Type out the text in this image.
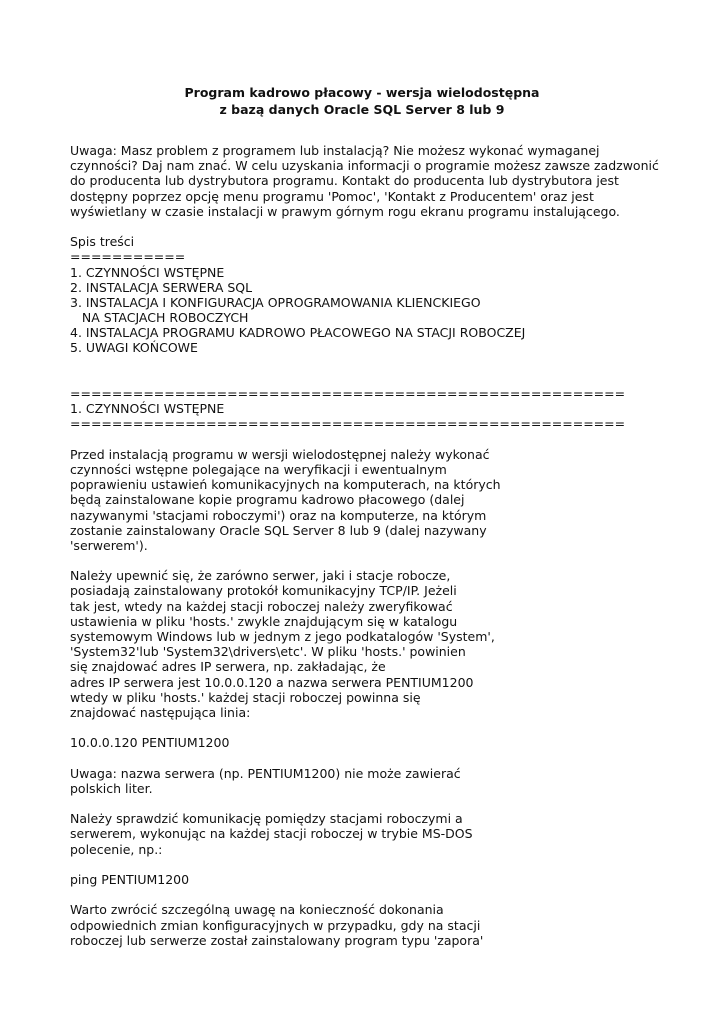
Program kadrowo płacowy - wersja wielodostępna
z bazą danych Oracle SQL Server 8 lub 9
Uwaga: Masz problem z programem lub instalacją? Nie możesz wykonać wymaganej
czynności? Daj nam znać. W celu uzyskania informacji o programie możesz zawsze zadzwonić
do producenta lub dystrybutora programu. Kontakt do producenta lub dystrybutora jest
dostępny poprzez opcję menu programu 'Pomoc', 'Kontakt z Producentem' oraz jest
wyświetlany w czasie instalacji w prawym górnym rogu ekranu programu instalującego.
Spis treści
===========
1. CZYNNOŚCI WSTĘPNE
2. INSTALACJA SERWERA SQL
3. INSTALACJA I KONFIGURACJA OPROGRAMOWANIA KLIENCKIEGO
NA STACJACH ROBOCZYCH
4. INSTALACJA PROGRAMU KADROWO PŁACOWEGO NA STACJI ROBOCZEJ
5. UWAGI KOŃCOWE
=====================================================
1. CZYNNOŚCI WSTĘPNE
=====================================================
Przed instalacją programu w wersji wielodostępnej należy wykonać
czynności wstępne polegające na weryfikacji i ewentualnym
poprawieniu ustawień komunikacyjnych na komputerach, na których
będą zainstalowane kopie programu kadrowo płacowego (dalej
nazywanymi 'stacjami roboczymi') oraz na komputerze, na którym
zostanie zainstalowany Oracle SQL Server 8 lub 9 (dalej nazywany
'serwerem').
Należy upewnić się, że zarówno serwer, jaki i stacje robocze,
posiadają zainstalowany protokół komunikacyjny TCP/IP. Jeżeli
tak jest, wtedy na każdej stacji roboczej należy zweryfikować
ustawienia w pliku 'hosts.' zwykle znajdującym się w katalogu
systemowym Windows lub w jednym z jego podkatalogów 'System',
'System32'lub 'System32\drivers\etc'. W pliku 'hosts.' powinien
się znajdować adres IP serwera, np. zakładając, że
adres IP serwera jest 10.0.0.120 a nazwa serwera PENTIUM1200
wtedy w pliku 'hosts.' każdej stacji roboczej powinna się
znajdować następująca linia:
10.0.0.120 PENTIUM1200
Uwaga: nazwa serwera (np. PENTIUM1200) nie może zawierać
polskich liter.
Należy sprawdzić komunikację pomiędzy stacjami roboczymi a
serwerem, wykonując na każdej stacji roboczej w trybie MS-DOS
polecenie, np.:
ping PENTIUM1200
Warto zwrócić szczególną uwagę na konieczność dokonania
odpowiednich zmian konfiguracyjnych w przypadku, gdy na stacji
roboczej lub serwerze został zainstalowany program typu 'zapora'
